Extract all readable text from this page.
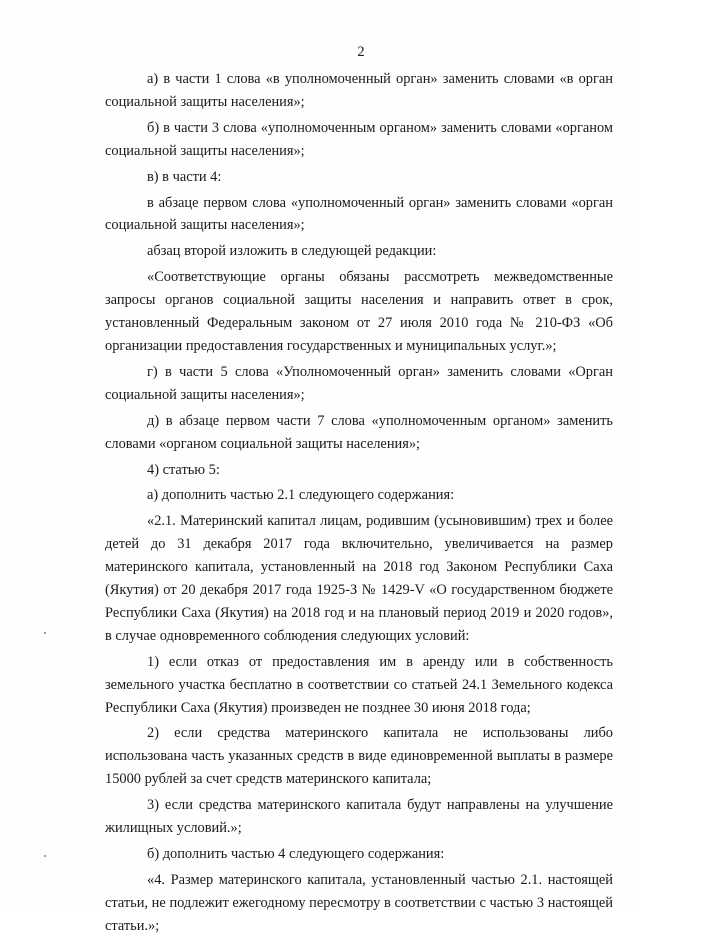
2

а) в части 1 слова «в уполномоченный орган» заменить словами «в орган социальной защиты населения»;

б) в части 3 слова «уполномоченным органом» заменить словами «органом социальной защиты населения»;

в) в части 4:

в абзаце первом слова «уполномоченный орган» заменить словами «орган социальной защиты населения»;

абзац второй изложить в следующей редакции:

«Соответствующие органы обязаны рассмотреть межведомственные запросы органов социальной защиты населения и направить ответ в срок, установленный Федеральным законом от 27 июля 2010 года № 210-ФЗ «Об организации предоставления государственных и муниципальных услуг.»;

г) в части 5 слова «Уполномоченный орган» заменить словами «Орган социальной защиты населения»;

д) в абзаце первом части 7 слова «уполномоченным органом» заменить словами «органом социальной защиты населения»;

4) статью 5:

а) дополнить частью 2.1 следующего содержания:

«2.1. Материнский капитал лицам, родившим (усыновившим) трех и более детей до 31 декабря 2017 года включительно, увеличивается на размер материнского капитала, установленный на 2018 год Законом Республики Саха (Якутия) от 20 декабря 2017 года 1925-З № 1429-V «О государственном бюджете Республики Саха (Якутия) на 2018 год и на плановый период 2019 и 2020 годов», в случае одновременного соблюдения следующих условий:

1) если отказ от предоставления им в аренду или в собственность земельного участка бесплатно в соответствии со статьей 24.1 Земельного кодекса Республики Саха (Якутия) произведен не позднее 30 июня 2018 года;

2) если средства материнского капитала не использованы либо использована часть указанных средств в виде единовременной выплаты в размере 15000 рублей за счет средств материнского капитала;

3) если средства материнского капитала будут направлены на улучшение жилищных условий.»;

б) дополнить частью 4 следующего содержания:

«4. Размер материнского капитала, установленный частью 2.1. настоящей статьи, не подлежит ежегодному пересмотру в соответствии с частью 3 настоящей статьи.»;
